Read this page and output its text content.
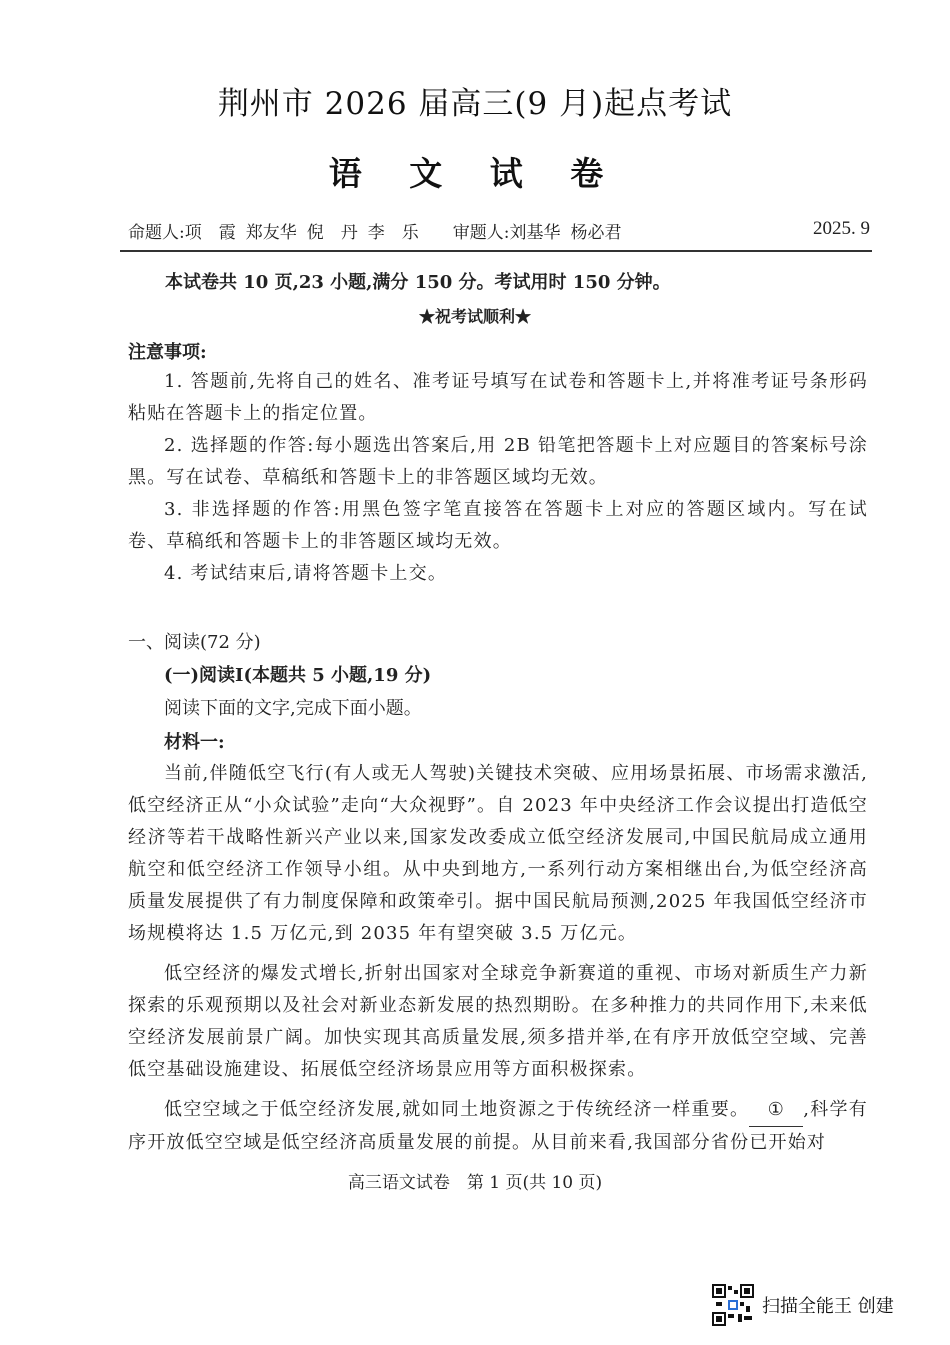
荆州市 2026 届高三(9 月)起点考试
语 文 试 卷
命题人:项　霞 郑友华 倪　丹 李　乐 审题人:刘基华 杨必君	2025. 9
本试卷共 10 页,23 小题,满分 150 分。考试用时 150 分钟。
★祝考试顺利★
注意事项:
1. 答题前,先将自己的姓名、准考证号填写在试卷和答题卡上,并将准考证号条形码粘贴在答题卡上的指定位置。
2. 选择题的作答:每小题选出答案后,用 2B 铅笔把答题卡上对应题目的答案标号涂黑。写在试卷、草稿纸和答题卡上的非答题区域均无效。
3. 非选择题的作答:用黑色签字笔直接答在答题卡上对应的答题区域内。写在试卷、草稿纸和答题卡上的非答题区域均无效。
4. 考试结束后,请将答题卡上交。
一、阅读(72 分)
(一)阅读Ⅰ(本题共 5 小题,19 分)
阅读下面的文字,完成下面小题。
材料一:
当前,伴随低空飞行(有人或无人驾驶)关键技术突破、应用场景拓展、市场需求激活,低空经济正从“小众试验”走向“大众视野”。自 2023 年中央经济工作会议提出打造低空经济等若干战略性新兴产业以来,国家发改委成立低空经济发展司,中国民航局成立通用航空和低空经济工作领导小组。从中央到地方,一系列行动方案相继出台,为低空经济高质量发展提供了有力制度保障和政策牵引。据中国民航局预测,2025 年我国低空经济市场规模将达 1.5 万亿元,到 2035 年有望突破 3.5 万亿元。
低空经济的爆发式增长,折射出国家对全球竞争新赛道的重视、市场对新质生产力新探索的乐观预期以及社会对新业态新发展的热烈期盼。在多种推力的共同作用下,未来低空经济发展前景广阔。加快实现其高质量发展,须多措并举,在有序开放低空空域、完善低空基础设施建设、拓展低空经济场景应用等方面积极探索。
低空空域之于低空经济发展,就如同土地资源之于传统经济一样重要。 ① ,科学有序开放低空空域是低空经济高质量发展的前提。从目前来看,我国部分省份已开始对
高三语文试卷　第 1 页(共 10 页)
扫描全能王 创建
